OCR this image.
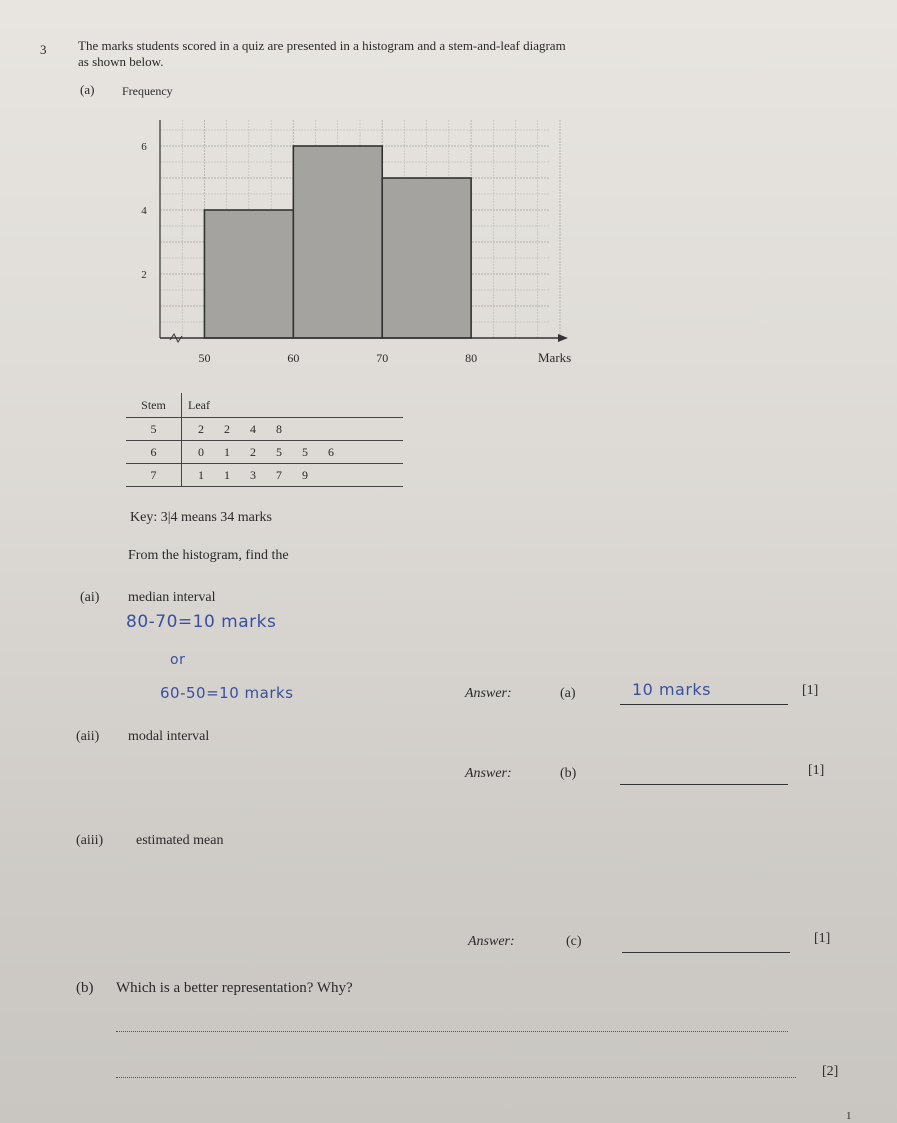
3 The marks students scored in a quiz are presented in a histogram and a stem-and-leaf diagram
as shown below.
(a) Frequency
50	60	70	80
2
4
6
Marks
Stem	Leaf
5	2 2 4 8
6	0 1 2 5 5 6
7	1 1 3 7 9
Key: 3|4 means 34 marks
From the histogram, find the
(ai) median interval
80-70=10 marks
or
60-50=10 marks	Answer:	(a)	10 marks	[1]
(aii) modal interval
Answer:	(b)	[1]
(aiii) estimated mean
Answer:	(c)	[1]
(b) Which is a better representation? Why?
[2]
1
